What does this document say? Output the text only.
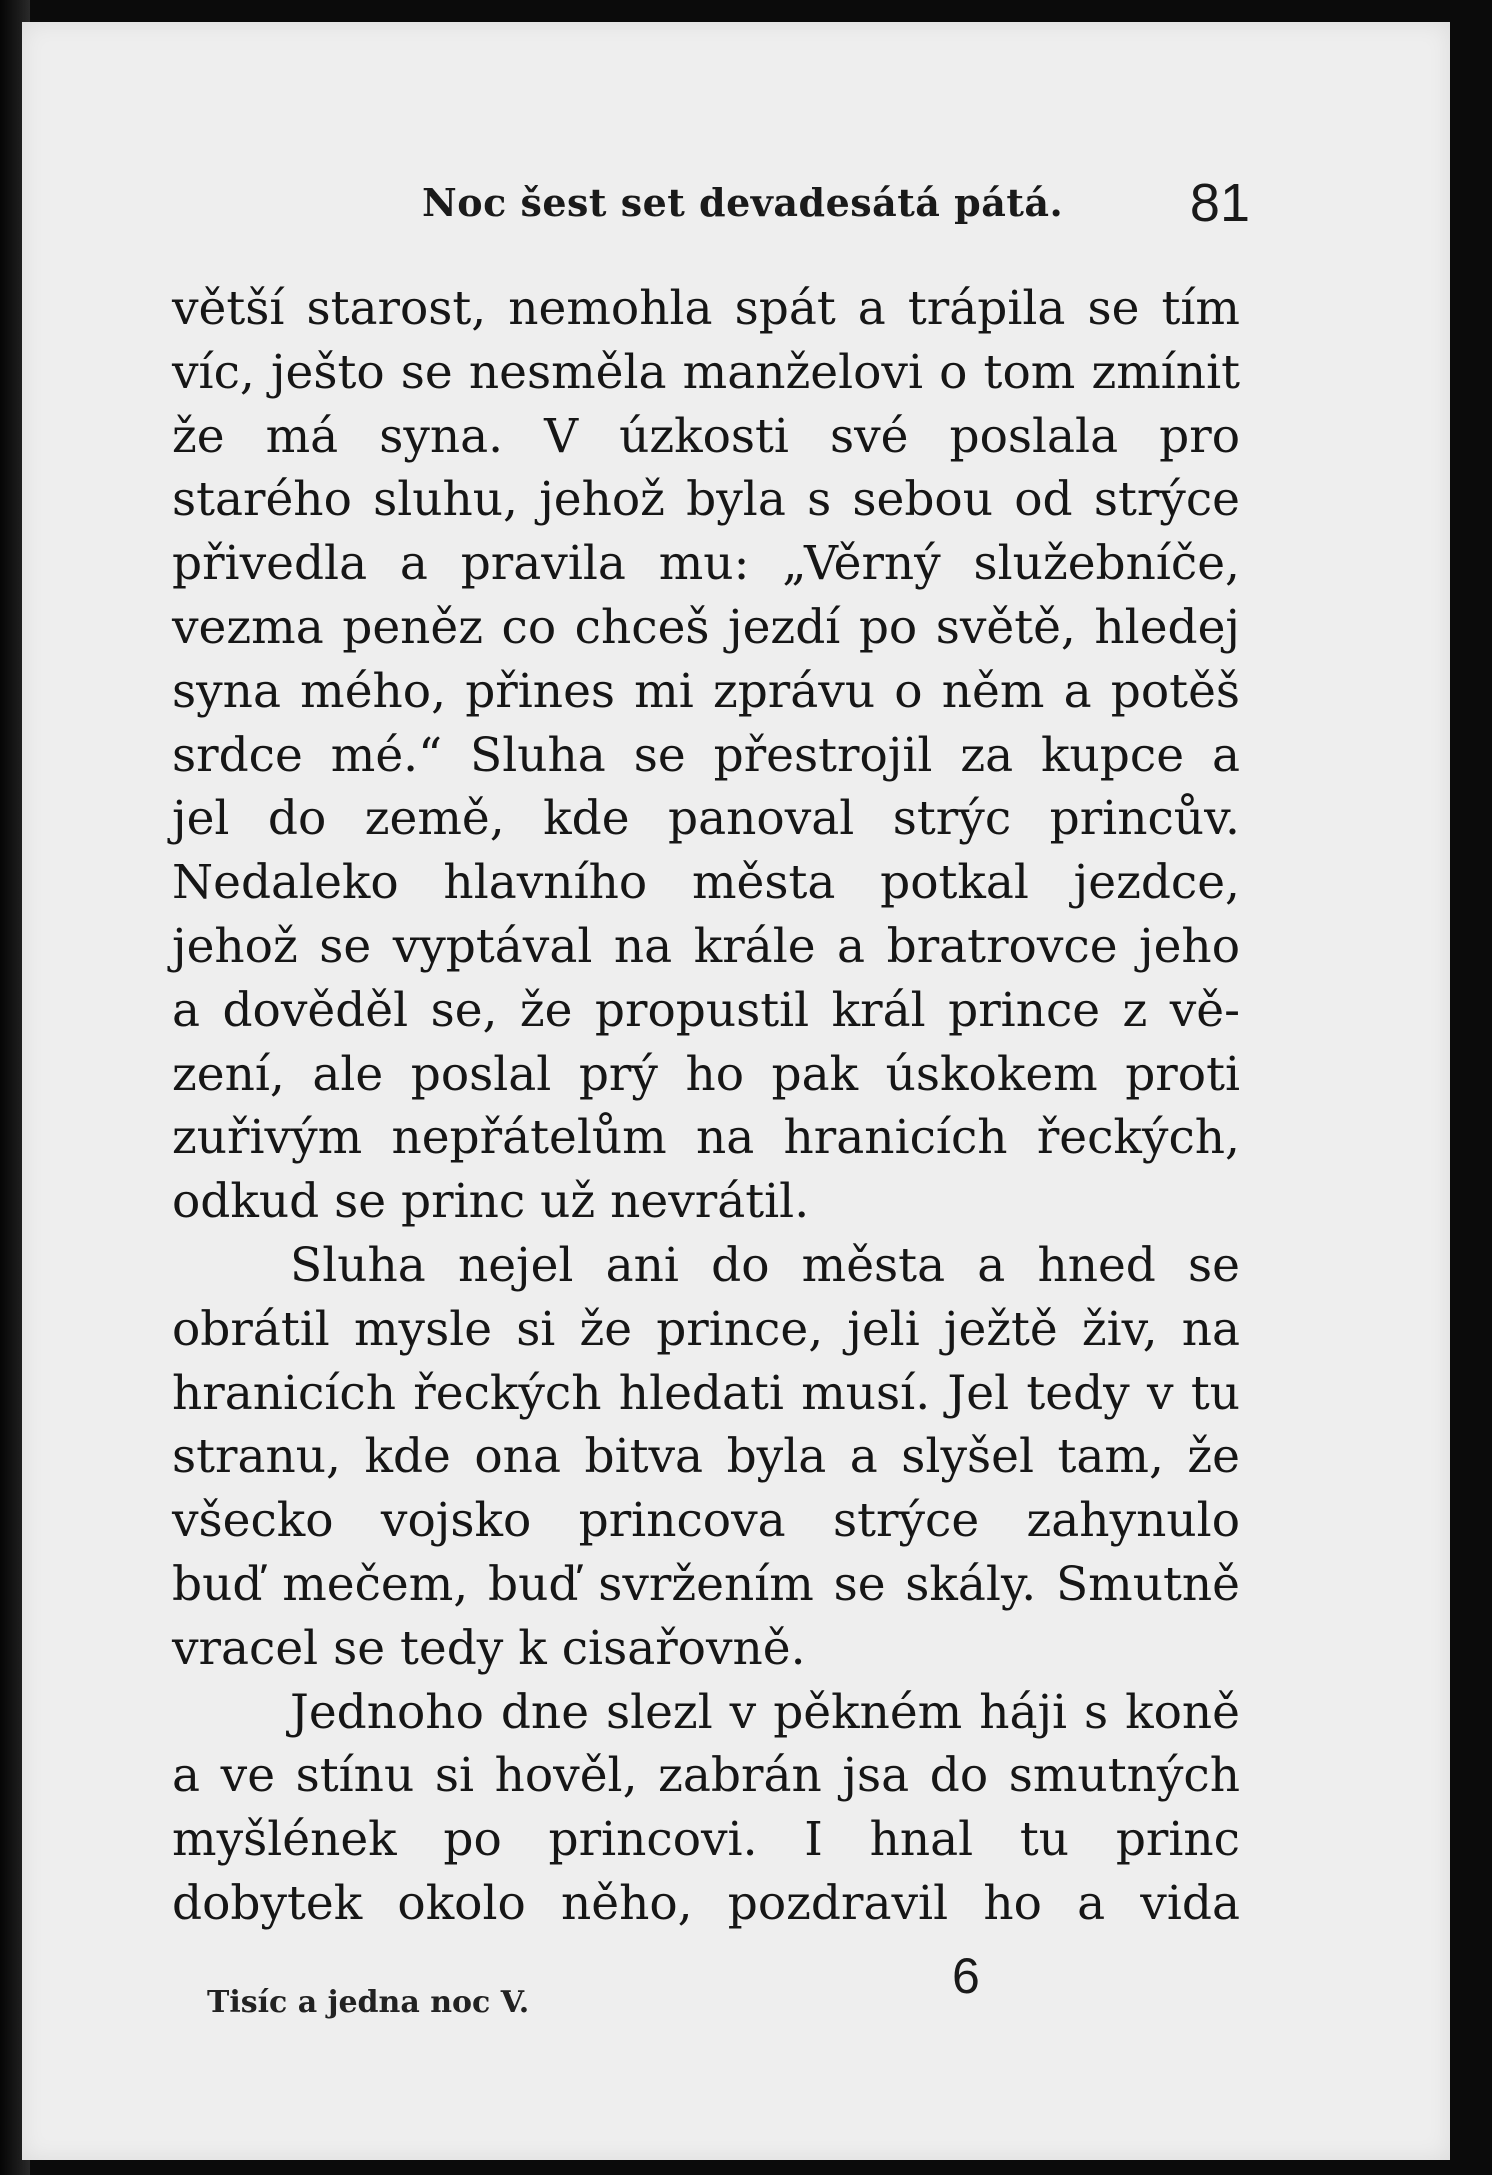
Noc šest set devadesátá pátá. 81
větší starost, nemohla spát a trápila se tím
víc, ješto se nesměla manželovi o tom zmínit
že má syna. V úzkosti své poslala pro
starého sluhu, jehož byla s sebou od strýce
přivedla a pravila mu: „Věrný služebníče,
vezma peněz co chceš jezdí po světě, hledej
syna mého, přines mi zprávu o něm a potěš
srdce mé.“ Sluha se přestrojil za kupce a
jel do země, kde panoval strýc princův.
Nedaleko hlavního města potkal jezdce,
jehož se vyptával na krále a bratrovce jeho
a dověděl se, že propustil král prince z vě-
zení, ale poslal prý ho pak úskokem proti
zuřivým nepřátelům na hranicích řeckých,
odkud se princ už nevrátil.
Sluha nejel ani do města a hned se
obrátil mysle si že prince, jeli ježtě živ, na
hranicích řeckých hledati musí. Jel tedy v tu
stranu, kde ona bitva byla a slyšel tam, že
všecko vojsko princova strýce zahynulo
buď mečem, buď svržením se skály. Smutně
vracel se tedy k cisařovně.
Jednoho dne slezl v pěkném háji s koně
a ve stínu si hověl, zabrán jsa do smutných
myšlének po princovi. I hnal tu princ
dobytek okolo něho, pozdravil ho a vida
Tisíc a jedna noc V.	6
